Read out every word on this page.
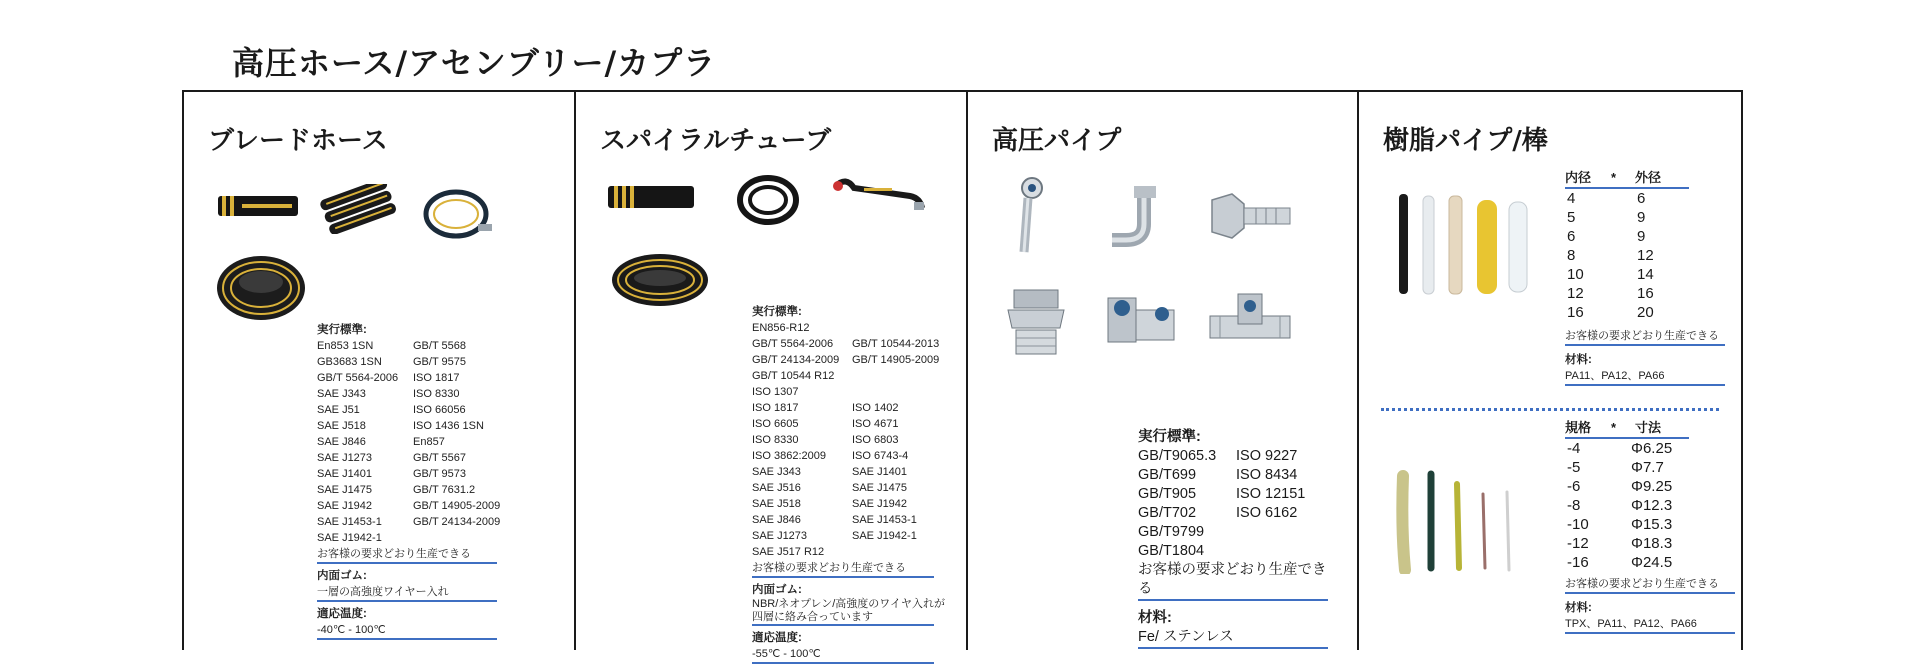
高圧ホース/アセンブリー/カプラ
ブレードホース
実行標準:
En853 1SN	GB/T 5568
GB3683 1SN	GB/T 9575
GB/T 5564-2006	ISO 1817
SAE J343	ISO 8330
SAE J51	ISO 66056
SAE J518	ISO 1436 1SN
SAE J846	En857
SAE J1273	GB/T 5567
SAE J1401	GB/T 9573
SAE J1475	GB/T 7631.2
SAE J1942	GB/T 14905-2009
SAE J1453-1	GB/T 24134-2009
SAE J1942-1
お客様の要求どおり生産できる
内面ゴム:
一層の高強度ワイヤー入れ
適応温度:
-40℃ - 100℃
スパイラルチューブ
実行標準:
EN856-R12
GB/T 5564-2006	GB/T 10544-2013
GB/T 24134-2009	GB/T 14905-2009
GB/T 10544 R12
ISO 1307
ISO 1817	ISO 1402
ISO 6605	ISO 4671
ISO 8330	ISO 6803
ISO 3862:2009	ISO 6743-4
SAE J343	SAE J1401
SAE J516	SAE J1475
SAE J518	SAE J1942
SAE J846	SAE J1453-1
SAE J1273	SAE J1942-1
SAE J517 R12
お客様の要求どおり生産できる
内面ゴム:
NBR/ネオプレン/高強度のワイヤ入れが
四層に絡み合っています
適応温度:
-55℃ - 100℃
高圧パイプ
実行標準:
GB/T9065.3	ISO 9227
GB/T699	ISO 8434
GB/T905	ISO 12151
GB/T702	ISO 6162
GB/T9799
GB/T1804
お客様の要求どおり生産できる
材料:
Fe/ ステンレス
樹脂パイプ/棒
内径	*	外径
4	6
5	9
6	9
8	12
10	14
12	16
16	20
お客様の要求どおり生産できる
材料:
PA11、PA12、PA66
規格	*	寸法
-4	Φ6.25
-5	Φ7.7
-6	Φ9.25
-8	Φ12.3
-10	Φ15.3
-12	Φ18.3
-16	Φ24.5
お客様の要求どおり生産できる
材料:
TPX、PA11、PA12、PA66
